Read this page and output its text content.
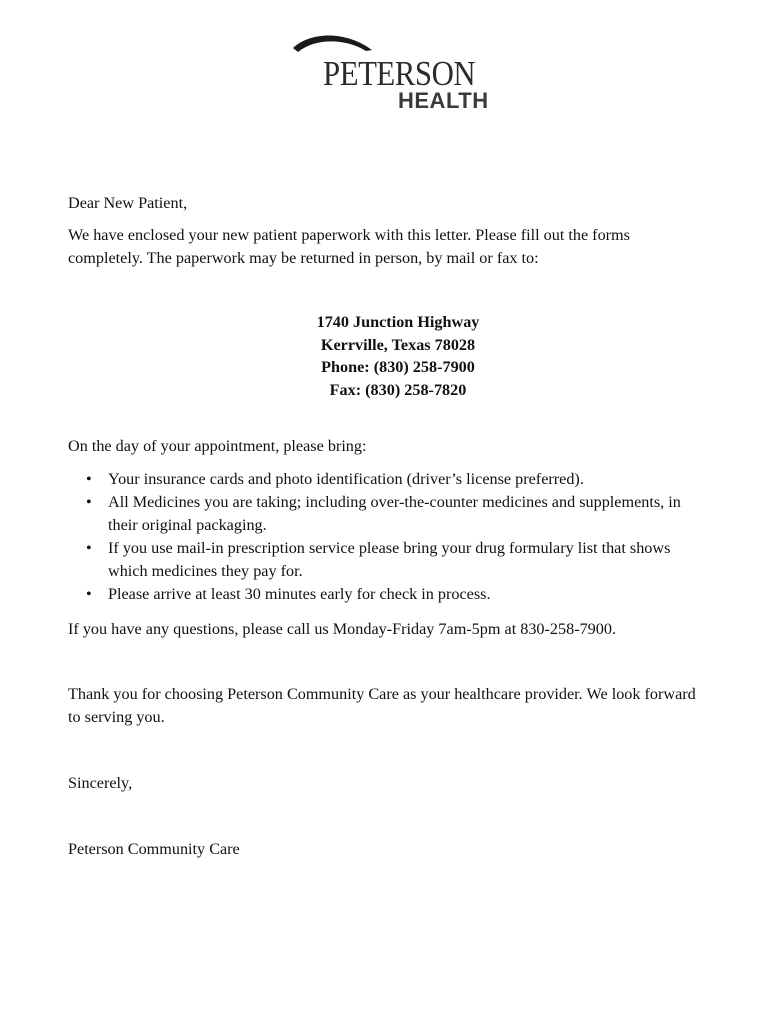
PETERSON
HEALTH

Dear New Patient,

We have enclosed your new patient paperwork with this letter. Please fill out the forms completely. The paperwork may be returned in person, by mail or fax to:

1740 Junction Highway
Kerrville, Texas 78028
Phone: (830) 258-7900
Fax: (830) 258-7820

On the day of your appointment, please bring:

• Your insurance cards and photo identification (driver’s license preferred).
• All Medicines you are taking; including over-the-counter medicines and supplements, in their original packaging.
• If you use mail-in prescription service please bring your drug formulary list that shows which medicines they pay for.
• Please arrive at least 30 minutes early for check in process.

If you have any questions, please call us Monday-Friday 7am-5pm at 830-258-7900.

Thank you for choosing Peterson Community Care as your healthcare provider. We look forward to serving you.

Sincerely,

Peterson Community Care
